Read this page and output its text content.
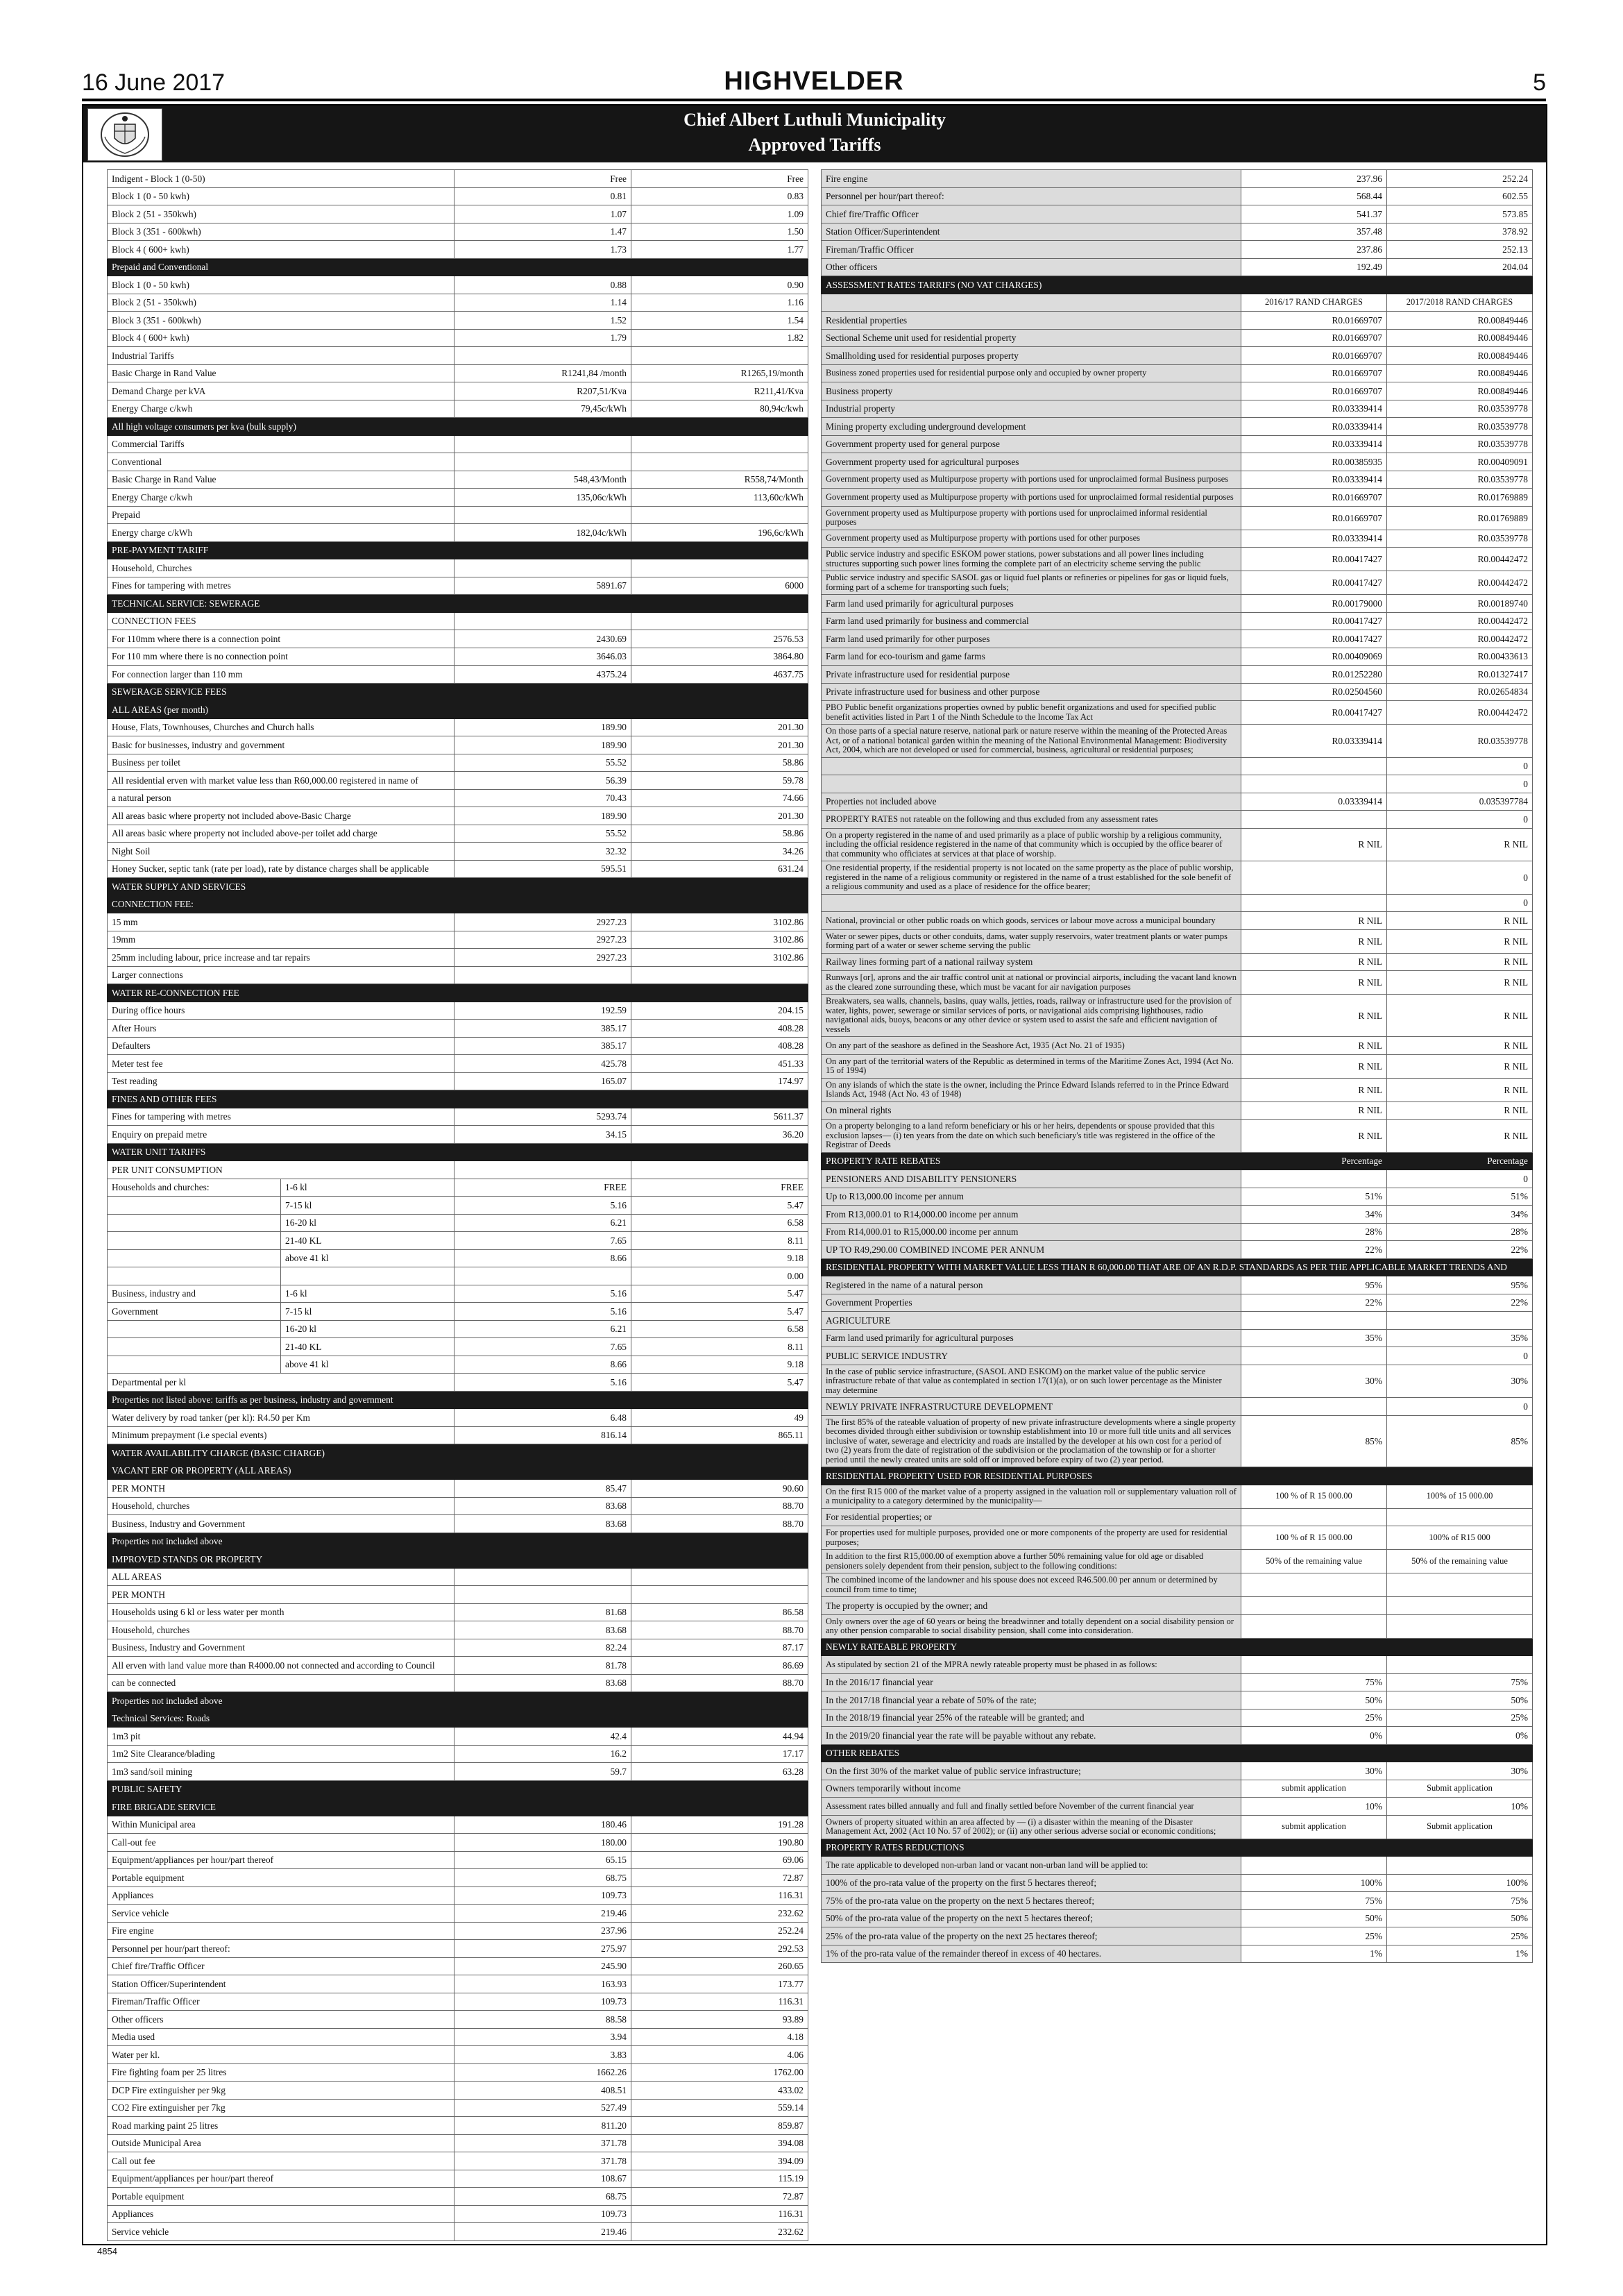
16 June 2017	HIGHVELDER	5
Chief Albert Luthuli Municipality
Approved Tariffs
Indigent - Block 1 (0-50)		Free	Free
Block 1 (0 - 50 kwh)		0.81	0.83
Block 2 (51 - 350kwh)		1.07	1.09
Block 3 (351 - 600kwh)		1.47	1.50
Block 4 ( 600+ kwh)		1.73	1.77
Prepaid and Conventional			
Block 1 (0 - 50 kwh)		0.88	0.90
Block 2 (51 - 350kwh)		1.14	1.16
Block 3 (351 - 600kwh)		1.52	1.54
Block 4 ( 600+ kwh)		1.79	1.82
Industrial Tariffs			
Basic Charge in Rand Value		R1241,84 /month	R1265,19/month
Demand Charge per kVA		R207,51/Kva	R211,41/Kva
Energy Charge c/kwh		79,45c/kWh	80,94c/kwh
All high voltage consumers per kva (bulk supply)			
Commercial Tariffs			
Conventional			
Basic Charge in Rand Value		548,43/Month	R558,74/Month
Energy Charge c/kwh		135,06c/kWh	113,60c/kWh
Prepaid			
Energy charge c/kWh		182,04c/kWh	196,6c/kWh
PRE-PAYMENT TARIFF			
Household, Churches			
Fines for tampering with metres		5891.67	6000
TECHNICAL SERVICE: SEWERAGE			
CONNECTION FEES			
For 110mm where there is a connection point		2430.69	2576.53
For 110 mm where there is no connection point		3646.03	3864.80
For connection larger than 110 mm		4375.24	4637.75
SEWERAGE SERVICE FEES			
ALL AREAS (per month)			
House, Flats, Townhouses, Churches and Church halls		189.90	201.30
Basic for businesses, industry and government		189.90	201.30
Business per toilet		55.52	58.86
All residential erven with market value less than R60,000.00 registered in name of		56.39	59.78
a natural person		70.43	74.66
All areas basic where property not included above-Basic Charge		189.90	201.30
All areas basic where property not included above-per toilet add charge		55.52	58.86
Night Soil		32.32	34.26
Honey Sucker, septic tank (rate per load), rate by distance charges shall be applicable		595.51	631.24
WATER SUPPLY AND SERVICES			
CONNECTION FEE:			
15 mm		2927.23	3102.86
19mm		2927.23	3102.86
25mm including labour, price increase and tar repairs		2927.23	3102.86
Larger connections			
WATER RE-CONNECTION FEE			
During office hours		192.59	204.15
After Hours		385.17	408.28
Defaulters		385.17	408.28
Meter test fee		425.78	451.33
Test reading		165.07	174.97
FINES AND OTHER FEES			
Fines for tampering with metres		5293.74	5611.37
Enquiry on prepaid metre		34.15	36.20
WATER UNIT TARIFFS			
PER UNIT CONSUMPTION			
Households and churches:	1-6 kl	FREE	FREE
	7-15 kl	5.16	5.47
	16-20 kl	6.21	6.58
	21-40 KL	7.65	8.11
	above 41 kl	8.66	9.18
			0.00
Business, industry and	1-6 kl	5.16	5.47
Government	7-15 kl	5.16	5.47
	16-20 kl	6.21	6.58
	21-40 KL	7.65	8.11
	above 41 kl	8.66	9.18
Departmental per kl		5.16	5.47
Properties not listed above: tariffs as per business, industry and government			
Water delivery by road tanker (per kl): R4.50 per Km		6.48	49
Minimum prepayment (i.e special events)		816.14	865.11
WATER AVAILABILITY CHARGE (BASIC CHARGE)			
VACANT ERF OR PROPERTY (ALL AREAS)			
PER MONTH		85.47	90.60
Household, churches		83.68	88.70
Business, Industry and Government		83.68	88.70
Properties not included above			
IMPROVED STANDS OR PROPERTY			
ALL AREAS			
PER MONTH			
Households using 6 kl or less water per month		81.68	86.58
Household, churches		83.68	88.70
Business, Industry and Government		82.24	87.17
All erven with land value more than R4000.00 not connected and according to Council		81.78	86.69
can be connected		83.68	88.70
Properties not included above			
Technical Services: Roads			
1m3 pit		42.4	44.94
1m2 Site Clearance/blading		16.2	17.17
1m3 sand/soil mining		59.7	63.28
PUBLIC SAFETY			
FIRE BRIGADE SERVICE			
Within Municipal area		180.46	191.28
Call-out fee		180.00	190.80
Equipment/appliances per hour/part thereof		65.15	69.06
Portable equipment		68.75	72.87
Appliances		109.73	116.31
Service vehicle		219.46	232.62
Fire engine		237.96	252.24
Personnel per hour/part thereof:		275.97	292.53
Chief fire/Traffic Officer		245.90	260.65
Station Officer/Superintendent		163.93	173.77
Fireman/Traffic Officer		109.73	116.31
Other officers		88.58	93.89
Media used		3.94	4.18
Water per kl.		3.83	4.06
Fire fighting foam per 25 litres		1662.26	1762.00
DCP Fire extinguisher per 9kg		408.51	433.02
CO2 Fire extinguisher per 7kg		527.49	559.14
Road marking paint 25 litres		811.20	859.87
Outside Municipal Area		371.78	394.08
Call out fee		371.78	394.09
Equipment/appliances per hour/part thereof		108.67	115.19
Portable equipment		68.75	72.87
Appliances		109.73	116.31
Service vehicle		219.46	232.62
Fire engine	237.96	252.24
Personnel per hour/part thereof:	568.44	602.55
Chief fire/Traffic Officer	541.37	573.85
Station Officer/Superintendent	357.48	378.92
Fireman/Traffic Officer	237.86	252.13
Other officers	192.49	204.04
ASSESSMENT RATES TARRIFS (NO VAT CHARGES)		
	2016/17 RAND CHARGES	2017/2018 RAND CHARGES
Residential properties	R0.01669707	R0.00849446
Sectional Scheme unit used for residential property	R0.01669707	R0.00849446
Smallholding used for residential purposes property	R0.01669707	R0.00849446
Business zoned properties used for residential purpose only and occupied by owner property	R0.01669707	R0.00849446
Business property	R0.01669707	R0.00849446
Industrial property	R0.03339414	R0.03539778
Mining property excluding underground development	R0.03339414	R0.03539778
Government property used for general purpose	R0.03339414	R0.03539778
Government property used for agricultural purposes	R0.00385935	R0.00409091
Government property used as Multipurpose property with portions used for unproclaimed formal Business purposes	R0.03339414	R0.03539778
Government property used as Multipurpose property with portions used for unproclaimed formal residential purposes	R0.01669707	R0.01769889
Government property used as Multipurpose property with portions used for unproclaimed informal residential purposes	R0.01669707	R0.01769889
Government property used as Multipurpose property with portions used for other purposes	R0.03339414	R0.03539778
Public service industry and specific ESKOM power stations, power substations and all power lines including structures supporting such power lines forming the complete part of an electricity scheme serving the public	R0.00417427	R0.00442472
Public service industry and specific SASOL gas or liquid fuel plants or refineries or pipelines for gas or liquid fuels, forming part of a scheme for transporting such fuels;	R0.00417427	R0.00442472
Farm land used primarily for agricultural purposes	R0.00179000	R0.00189740
Farm land used primarily for business and commercial	R0.00417427	R0.00442472
Farm land used primarily for other purposes	R0.00417427	R0.00442472
Farm land for eco-tourism and game farms	R0.00409069	R0.00433613
Private infrastructure used for residential purpose	R0.01252280	R0.01327417
Private infrastructure used for business and other purpose	R0.02504560	R0.02654834
PBO Public benefit organizations properties owned by public benefit organizations and used for specified public benefit activities listed in Part 1 of the Ninth Schedule to the Income Tax Act	R0.00417427	R0.00442472
On those parts of a special nature reserve, national park or nature reserve within the meaning of the Protected Areas Act, or of a national botanical garden within the meaning of the National Environmental Management: Biodiversity Act, 2004, which are not developed or used for commercial, business, agricultural or residential purposes;	R0.03339414	R0.03539778
		0
		0
Properties not included above	0.03339414	0.035397784
PROPERTY RATES not rateable on the following and thus excluded from any assessment rates		0
On a property registered in the name of and used primarily as a place of public worship by a religious community, including the official residence registered in the name of that community which is occupied by the office bearer of that community who officiates at services at that place of worship.	R NIL	R NIL
One residential property, if the residential property is not located on the same property as the place of public worship, registered in the name of a religious community or registered in the name of a trust established for the sole benefit of a religious community and used as a place of residence for the office bearer;		0
		0
National, provincial or other public roads on which goods, services or labour move across a municipal boundary	R NIL	R NIL
Water or sewer pipes, ducts or other conduits, dams, water supply reservoirs, water treatment plants or water pumps forming part of a water or sewer scheme serving the public	R NIL	R NIL
Railway lines forming part of a national railway system	R NIL	R NIL
Runways [or], aprons and the air traffic control unit at national or provincial airports, including the vacant land known as the cleared zone surrounding these, which must be vacant for air navigation purposes	R NIL	R NIL
Breakwaters, sea walls, channels, basins, quay walls, jetties, roads, railway or infrastructure used for the provision of water, lights, power, sewerage or similar services of ports, or navigational aids comprising lighthouses, radio navigational aids, buoys, beacons or any other device or system used to assist the safe and efficient navigation of vessels	R NIL	R NIL
On any part of the seashore as defined in the Seashore Act, 1935 (Act No. 21 of 1935)	R NIL	R NIL
On any part of the territorial waters of the Republic as determined in terms of the Maritime Zones Act, 1994 (Act No. 15 of 1994)	R NIL	R NIL
On any islands of which the state is the owner, including the Prince Edward Islands referred to in the Prince Edward Islands Act, 1948 (Act No. 43 of 1948)	R NIL	R NIL
On mineral rights	R NIL	R NIL
On a property belonging to a land reform beneficiary or his or her heirs, dependents or spouse provided that this exclusion lapses— (i) ten years from the date on which such beneficiary's title was registered in the office of the Registrar of Deeds	R NIL	R NIL
PROPERTY RATE REBATES	Percentage	Percentage
PENSIONERS AND DISABILITY PENSIONERS		0
Up to R13,000.00 income per annum	51%	51%
From R13,000.01 to R14,000.00 income per annum	34%	34%
From R14,000.01 to R15,000.00 income per annum	28%	28%
UP TO R49,290.00 COMBINED INCOME PER ANNUM	22%	22%
RESIDENTIAL PROPERTY WITH MARKET VALUE LESS THAN R 60,000.00 THAT ARE OF AN R.D.P. STANDARDS AS PER THE APPLICABLE MARKET TRENDS AND		
Registered in the name of a natural person	95%	95%
Government Properties	22%	22%
AGRICULTURE		
Farm land used primarily for agricultural purposes	35%	35%
PUBLIC SERVICE INDUSTRY		0
In the case of public service infrastructure, (SASOL AND ESKOM) on the market value of the public service infrastructure rebate of that value as contemplated in section 17(1)(a), or on such lower percentage as the Minister may determine	30%	30%
NEWLY PRIVATE INFRASTRUCTURE DEVELOPMENT		0
The first 85% of the rateable valuation of property of new private infrastructure developments where a single property becomes divided through either subdivision or township establishment into 10 or more full title units and all services inclusive of water, sewerage and electricity and roads are installed by the developer at his own cost for a period of two (2) years from the date of registration of the subdivision or the proclamation of the township or for a shorter period until the newly created units are sold off or improved before expiry of two (2) year period.	85%	85%
RESIDENTIAL PROPERTY USED FOR RESIDENTIAL PURPOSES		
On the first R15 000 of the market value of a property assigned in the valuation roll or supplementary valuation roll of a municipality to a category determined by the municipality—	100 % of R 15 000.00	100% of 15 000.00
For residential properties; or		
For properties used for multiple purposes, provided one or more components of the property are used for residential purposes;	100 % of R 15 000.00	100% of R15 000
In addition to the first R15,000.00 of exemption above a further 50% remaining value for old age or disabled pensioners solely dependent from their pension, subject to the following conditions:	50% of the remaining value	50% of the remaining value
The combined income of the landowner and his spouse does not exceed R46.500.00 per annum or determined by council from time to time;		
The property is occupied by the owner; and		
Only owners over the age of 60 years or being the breadwinner and totally dependent on a social disability pension or any other pension comparable to social disability pension, shall come into consideration.		
NEWLY RATEABLE PROPERTY		
As stipulated by section 21 of the MPRA newly rateable property must be phased in as follows:		
In the 2016/17 financial year	75%	75%
In the 2017/18 financial year a rebate of 50% of the rate;	50%	50%
In the 2018/19 financial year 25% of the rateable will be granted; and	25%	25%
In the 2019/20 financial year the rate will be payable without any rebate.	0%	0%
OTHER REBATES		
On the first 30% of the market value of public service infrastructure;	30%	30%
Owners temporarily without income	submit application	Submit application
Assessment rates billed annually and full and finally settled before November of the current financial year	10%	10%
Owners of property situated within an area affected by — (i) a disaster within the meaning of the Disaster Management Act, 2002 (Act 10 No. 57 of 2002); or (ii) any other serious adverse social or economic conditions;	submit application	Submit application
PROPERTY RATES REDUCTIONS		
The rate applicable to developed non-urban land or vacant non-urban land will be applied to:		
100% of the pro-rata value of the property on the first 5 hectares thereof;	100%	100%
75% of the pro-rata value on the property on the next 5 hectares thereof;	75%	75%
50% of the pro-rata value of the property on the next 5 hectares thereof;	50%	50%
25% of the pro-rata value of the property on the next 25 hectares thereof;	25%	25%
1% of the pro-rata value of the remainder thereof in excess of 40 hectares.	1%	1%
4854
